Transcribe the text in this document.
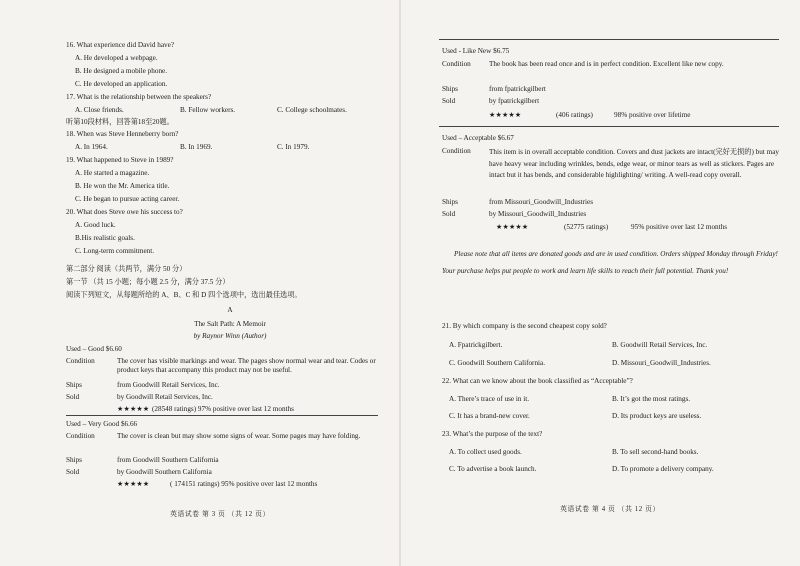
16. What experience did David have?
A. He developed a webpage.
B. He designed a mobile phone.
C. He developed an application.
17. What is the relationship between the speakers?
A. Close friends.	B. Fellow workers.	C. College schoolmates.
听第10段材料，回答第18至20题。
18. When was Steve Henneberry born?
A. In 1964.	B. In 1969.	C. In 1979.
19. What happened to Steve in 1989?
A. He started a magazine.
B. He won the Mr. America title.
C. He began to pursue acting career.
20. What does Steve owe his success to?
A. Good luck.
B.His realistic goals.
C. Long-term commitment.
第二部分 阅读（共两节，满分 50 分）
第一节 （共 15 小题；每小题 2.5 分，满分 37.5 分）
阅读下列短文，从每题所给的 A、B、C 和 D 四个选项中，选出最佳选项。
A
The Salt Path: A Memoir
by Raynor Winn (Author)
Used – Good $6.60
Condition	The cover has visible markings and wear. The pages show normal wear and tear. Codes or product keys that accompany this product may not be useful.
Ships	from Goodwill Retail Services, Inc.
Sold	by Goodwill Retail Services, Inc.
★★★★★ (28548 ratings) 97% positive over last 12 months
Used – Very Good $6.66
Condition	The cover is clean but may show some signs of wear. Some pages may have folding.
Ships	from Goodwill Southern California
Sold	by Goodwill Southern California
★★★★★	( 174151 ratings) 95% positive over last 12 months
英语试卷 第 3 页 （共 12 页）
Used - Like New $6.75
Condition	The book has been read once and is in perfect condition. Excellent like new copy.
Ships	from fpatrickgilbert
Sold	by fpatrickgilbert
★★★★★	(406 ratings)	98% positive over lifetime
Used – Acceptable $6.67
Condition	This item is in overall acceptable condition. Covers and dust jackets are intact(完好无损的) but may have heavy wear including wrinkles, bends, edge wear, or minor tears as well as stickers. Pages are intact but it has bends, and considerable highlighting/ writing. A well-read copy overall.
Ships	from Missouri_Goodwill_Industries
Sold	by Missouri_Goodwill_Industries
★★★★★	(52775 ratings)	95% positive over last 12 months
Please note that all items are donated goods and are in used condition. Orders shipped Monday through Friday! Your purchase helps put people to work and learn life skills to reach their full potential. Thank you!
21. By which company is the second cheapest copy sold?
A. Fpatrickgilbert.	B. Goodwill Retail Services, Inc.
C. Goodwill Southern California.	D. Missouri_Goodwill_Industries.
22. What can we know about the book classified as “Acceptable”?
A. There’s trace of use in it.	B. It’s got the most ratings.
C. It has a brand-new cover.	D. Its product keys are useless.
23. What’s the purpose of the text?
A. To collect used goods.	B. To sell second-hand books.
C. To advertise a book launch.	D. To promote a delivery company.
英语试卷 第 4 页 （共 12 页）
